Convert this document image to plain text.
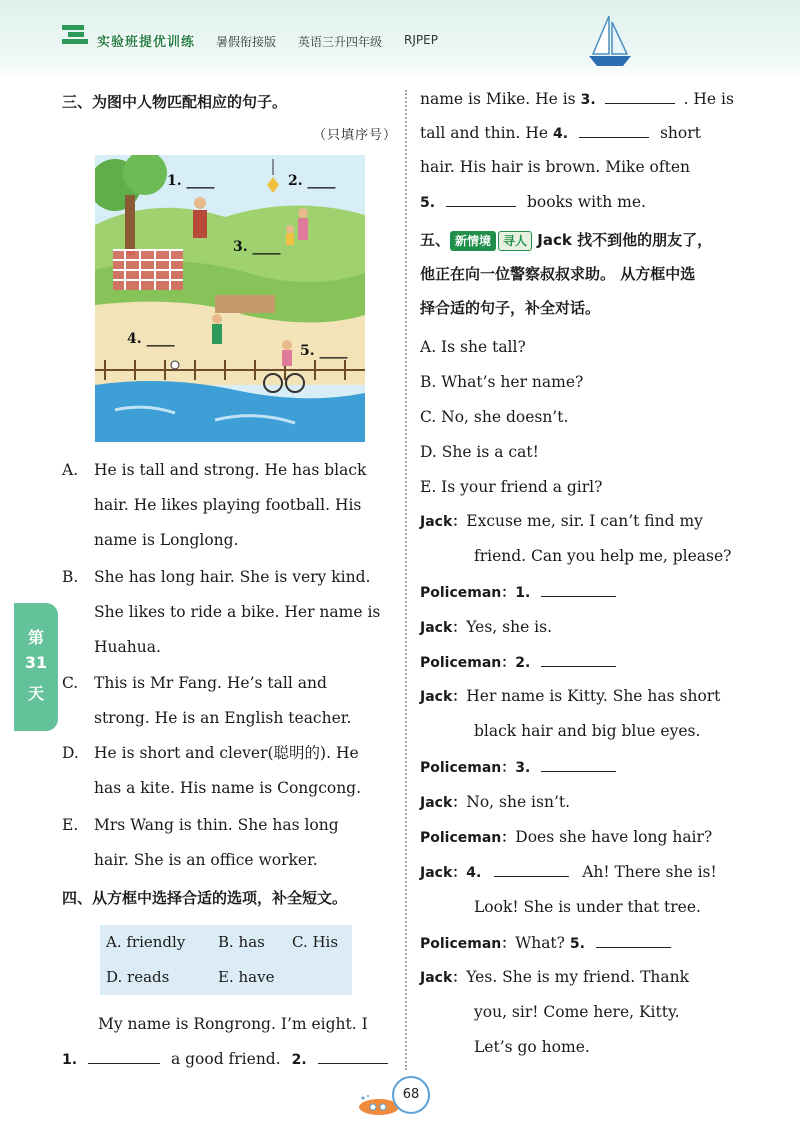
实验班提优训练 暑假衔接版 英语三升四年级 RJPEP

三、为图中人物匹配相应的句子。

（只填序号）
1. ____	2. ____
3. ____
4. ____
5. ____
A. He is tall and strong. He has black
hair. He likes playing football. His
name is Longlong.
B. She has long hair. She is very kind.
She likes to ride a bike. Her name is
Huahua.
C. This is Mr Fang. He’s tall and
strong. He is an English teacher.
D. He is short and clever(聪明的). He
has a kite. His name is Congcong.
E. Mrs Wang is thin. She has long
hair. She is an office worker.
四、从方框中选择合适的选项，补全短文。
A. friendly B. has C. His
D. reads	E. have
My name is Rongrong. I’m eight. I
1.	a good friend. 2.
name is Mike. He is 3.	. He is
tall and thin. He 4.	short
hair. His hair is brown. Mike often
5.	books with me.
五、 新情境 寻人 Jack 找不到他的朋友了，
他正在向一位警察叔叔求助。 从方框中选
择合适的句子，补全对话。
A. Is she tall?
B. What’s her name?
C. No, she doesn’t.
D. She is a cat!
E. Is your friend a girl?
Jack：Excuse me, sir. I can’t find my
friend. Can you help me, please?
Policeman：1.
Jack：Yes, she is.
Policeman：2.
Jack：Her name is Kitty. She has short
black hair and big blue eyes.
Policeman：3.
Jack：No, she isn’t.
Policeman：Does she have long hair?
Jack：4.	Ah! There she is!
Look! She is under that tree.
Policeman：What? 5.
Jack：Yes. She is my friend. Thank
you, sir! Come here, Kitty.
Let’s go home.
第
31
天
68
